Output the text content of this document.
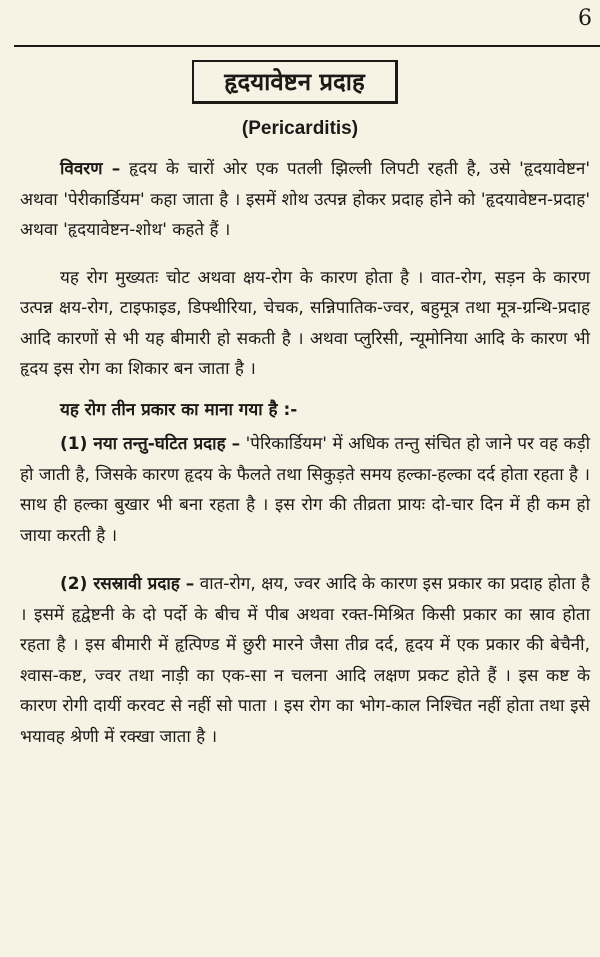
6
हृदयावेष्टन प्रदाह
(Pericarditis)

विवरण – हृदय के चारों ओर एक पतली झिल्ली लिपटी रहती है, उसे 'हृदयावेष्टन' अथवा 'पेरीकार्डियम' कहा जाता है । इसमें शोथ उत्पन्न होकर प्रदाह होने को 'हृदयावेष्टन-प्रदाह' अथवा 'हृदयावेष्टन-शोथ' कहते हैं ।

यह रोग मुख्यतः चोट अथवा क्षय-रोग के कारण होता है । वात-रोग, सड़न के कारण उत्पन्न क्षय-रोग, टाइफाइड, डिफ्थीरिया, चेचक, सन्निपातिक-ज्वर, बहुमूत्र तथा मूत्र-ग्रन्थि-प्रदाह आदि कारणों से भी यह बीमारी हो सकती है । अथवा प्लुरिसी, न्यूमोनिया आदि के कारण भी हृदय इस रोग का शिकार बन जाता है ।

यह रोग तीन प्रकार का माना गया है :-

(1) नया तन्तु-घटित प्रदाह – 'पेरिकार्डियम' में अधिक तन्तु संचित हो जाने पर वह कड़ी हो जाती है, जिसके कारण हृदय के फैलते तथा सिकुड़ते समय हल्का-हल्का दर्द होता रहता है । साथ ही हल्का बुखार भी बना रहता है । इस रोग की तीव्रता प्रायः दो-चार दिन में ही कम हो जाया करती है ।

(2) रसस्रावी प्रदाह – वात-रोग, क्षय, ज्वर आदि के कारण इस प्रकार का प्रदाह होता है । इसमें हृद्वेष्टनी के दो पर्दो के बीच में पीब अथवा रक्त-मिश्रित किसी प्रकार का स्राव होता रहता है । इस बीमारी में हृत्पिण्ड में छुरी मारने जैसा तीव्र दर्द, हृदय में एक प्रकार की बेचैनी, श्वास-कष्ट, ज्वर तथा नाड़ी का एक-सा न चलना आदि लक्षण प्रकट होते हैं । इस कष्ट के कारण रोगी दायीं करवट से नहीं सो पाता । इस रोग का भोग-काल निश्चित नहीं होता तथा इसे भयावह श्रेणी में रक्खा जाता है ।
